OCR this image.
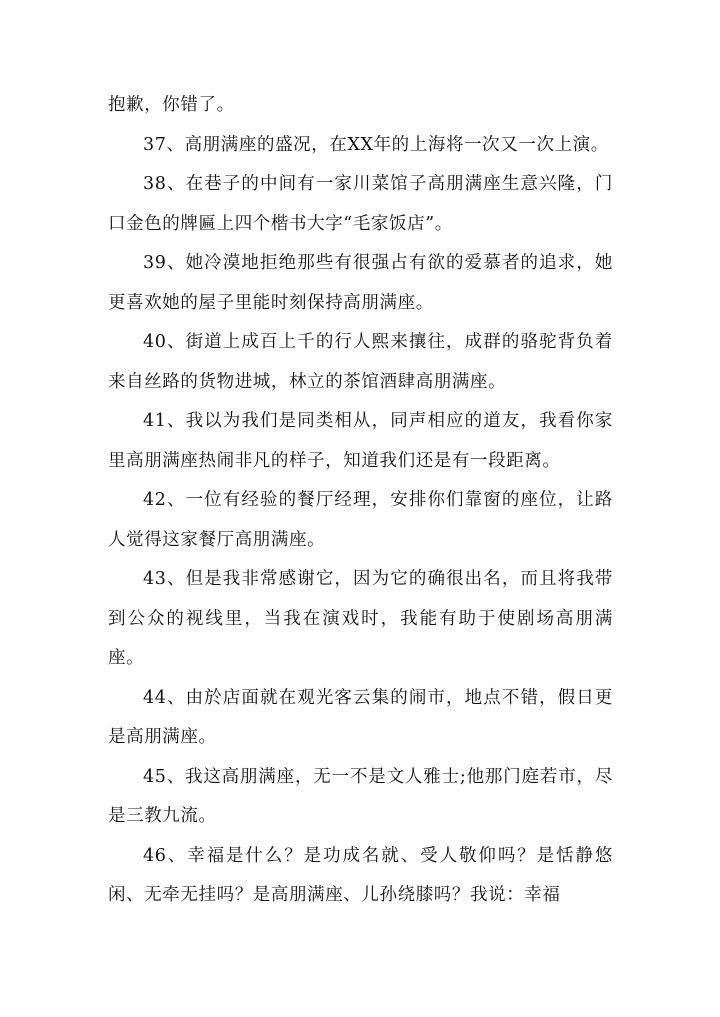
抱歉，你错了。

37、高朋满座的盛况，在XX年的上海将一次又一次上演。

38、在巷子的中间有一家川菜馆子高朋满座生意兴隆，门口金色的牌匾上四个楷书大字“毛家饭店”。

39、她冷漠地拒绝那些有很强占有欲的爱慕者的追求，她更喜欢她的屋子里能时刻保持高朋满座。

40、街道上成百上千的行人熙来攘往，成群的骆驼背负着来自丝路的货物进城，林立的茶馆酒肆高朋满座。

41、我以为我们是同类相从，同声相应的道友，我看你家里高朋满座热闹非凡的样子，知道我们还是有一段距离。

42、一位有经验的餐厅经理，安排你们靠窗的座位，让路人觉得这家餐厅高朋满座。

43、但是我非常感谢它，因为它的确很出名，而且将我带到公众的视线里，当我在演戏时，我能有助于使剧场高朋满座。

44、由於店面就在观光客云集的闹市，地点不错，假日更是高朋满座。

45、我这高朋满座，无一不是文人雅士;他那门庭若市，尽是三教九流。

46、幸福是什么？是功成名就、受人敬仰吗？是恬静悠闲、无牵无挂吗？是高朋满座、儿孙绕膝吗？我说：幸福
